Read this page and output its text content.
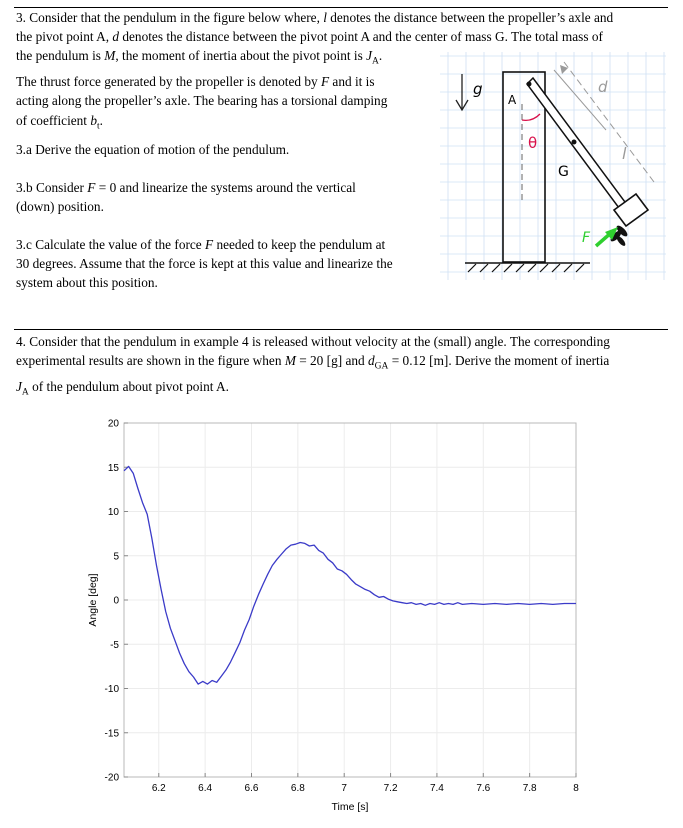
3. Consider that the pendulum in the figure below where, l denotes the distance between the propeller’s axle and
the pivot point A, d denotes the distance between the pivot point A and the center of mass G. The total mass of
the pendulum is M, the moment of inertia about the pivot point is $J_A$.
The thrust force generated by the propeller is denoted by F and it is
acting along the propeller’s axle. The bearing has a torsional damping
of coefficient $b_t$.

3.a Derive the equation of motion of the pendulum.

3.b Consider F = 0 and linearize the systems around the vertical
(down) position.
3.c Calculate the value of the force F needed to keep the pendulum at
30 degrees. Assume that the force is kept at this value and linearize the
system about this position.
g
F
θ
A
G
d
l
4. Consider that the pendulum in example 4 is released without velocity at the (small) angle. The corresponding
experimental results are shown in the figure when M = 20 [g] and $d_{GA} = 0.12$ [m]. Derive the moment of inertia
$J_A$ of the pendulum about pivot point A.
6.2	6.4	6.6	6.8	7	7.2	7.4	7.6	7.8	8
20
15
10
5
0
-5
-10
-15
-20
Time [s]
Angle [deg]
